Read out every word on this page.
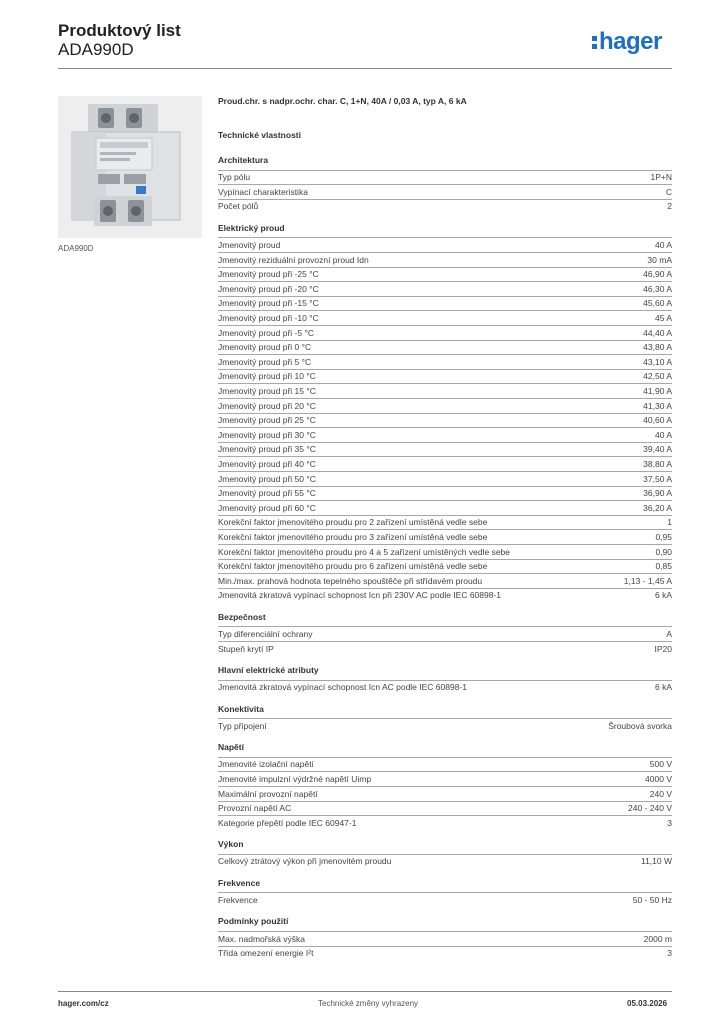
Produktový list
ADA990D	hager
ADA990D
Proud.chr. s nadpr.ochr. char. C, 1+N, 40A / 0,03 A, typ A, 6 kA
Technické vlastnosti
Architektura
Typ pólu	1P+N
Vypínací charakteristika	C
Počet pólů	2
Elektrický proud
Jmenovitý proud	40 A
Jmenovitý reziduální provozní proud Idn	30 mA
Jmenovitý proud při -25 °C	46,90 A
Jmenovitý proud při -20 °C	46,30 A
Jmenovitý proud při -15 °C	45,60 A
Jmenovitý proud při -10 °C	45 A
Jmenovitý proud při -5 °C	44,40 A
Jmenovitý proud při 0 °C	43,80 A
Jmenovitý proud při 5 °C	43,10 A
Jmenovitý proud při 10 °C	42,50 A
Jmenovitý proud při 15 °C	41,90 A
Jmenovitý proud při 20 °C	41,30 A
Jmenovitý proud při 25 °C	40,60 A
Jmenovitý proud při 30 °C	40 A
Jmenovitý proud při 35 °C	39,40 A
Jmenovitý proud při 40 °C	38,80 A
Jmenovitý proud při 50 °C	37,50 A
Jmenovitý proud při 55 °C	36,90 A
Jmenovitý proud při 60 °C	36,20 A
Korekční faktor jmenovitého proudu pro 2 zařízení umístěná vedle sebe	1
Korekční faktor jmenovitého proudu pro 3 zařízení umístěná vedle sebe	0,95
Korekční faktor jmenovitého proudu pro 4 a 5 zařízení umístěných vedle sebe	0,90
Korekční faktor jmenovitého proudu pro 6 zařízení umístěná vedle sebe	0,85
Min./max. prahová hodnota tepelného spouštěče při střídavém proudu	1,13 - 1,45 A
Jmenovitá zkratová vypínací schopnost Icn při 230V AC podle IEC 60898-1	6 kA
Bezpečnost
Typ diferenciální ochrany	A
Stupeň krytí IP	IP20
Hlavní elektrické atributy
Jmenovitá zkratová vypínací schopnost Icn AC podle IEC 60898-1	6 kA
Konektivita
Typ připojení	Šroubová svorka
Napětí
Jmenovité izolační napětí	500 V
Jmenovité impulzní výdržné napětí Uimp	4000 V
Maximální provozní napětí	240 V
Provozní napětí AC	240 - 240 V
Kategorie přepětí podle IEC 60947-1	3
Výkon
Celkový ztrátový výkon při jmenovitém proudu	11,10 W
Frekvence
Frekvence	50 - 50 Hz
Podmínky použití
Max. nadmořská výška	2000 m
Třída omezení energie I²t	3
hager.com/cz	Technické změny vyhrazeny	05.03.2026
